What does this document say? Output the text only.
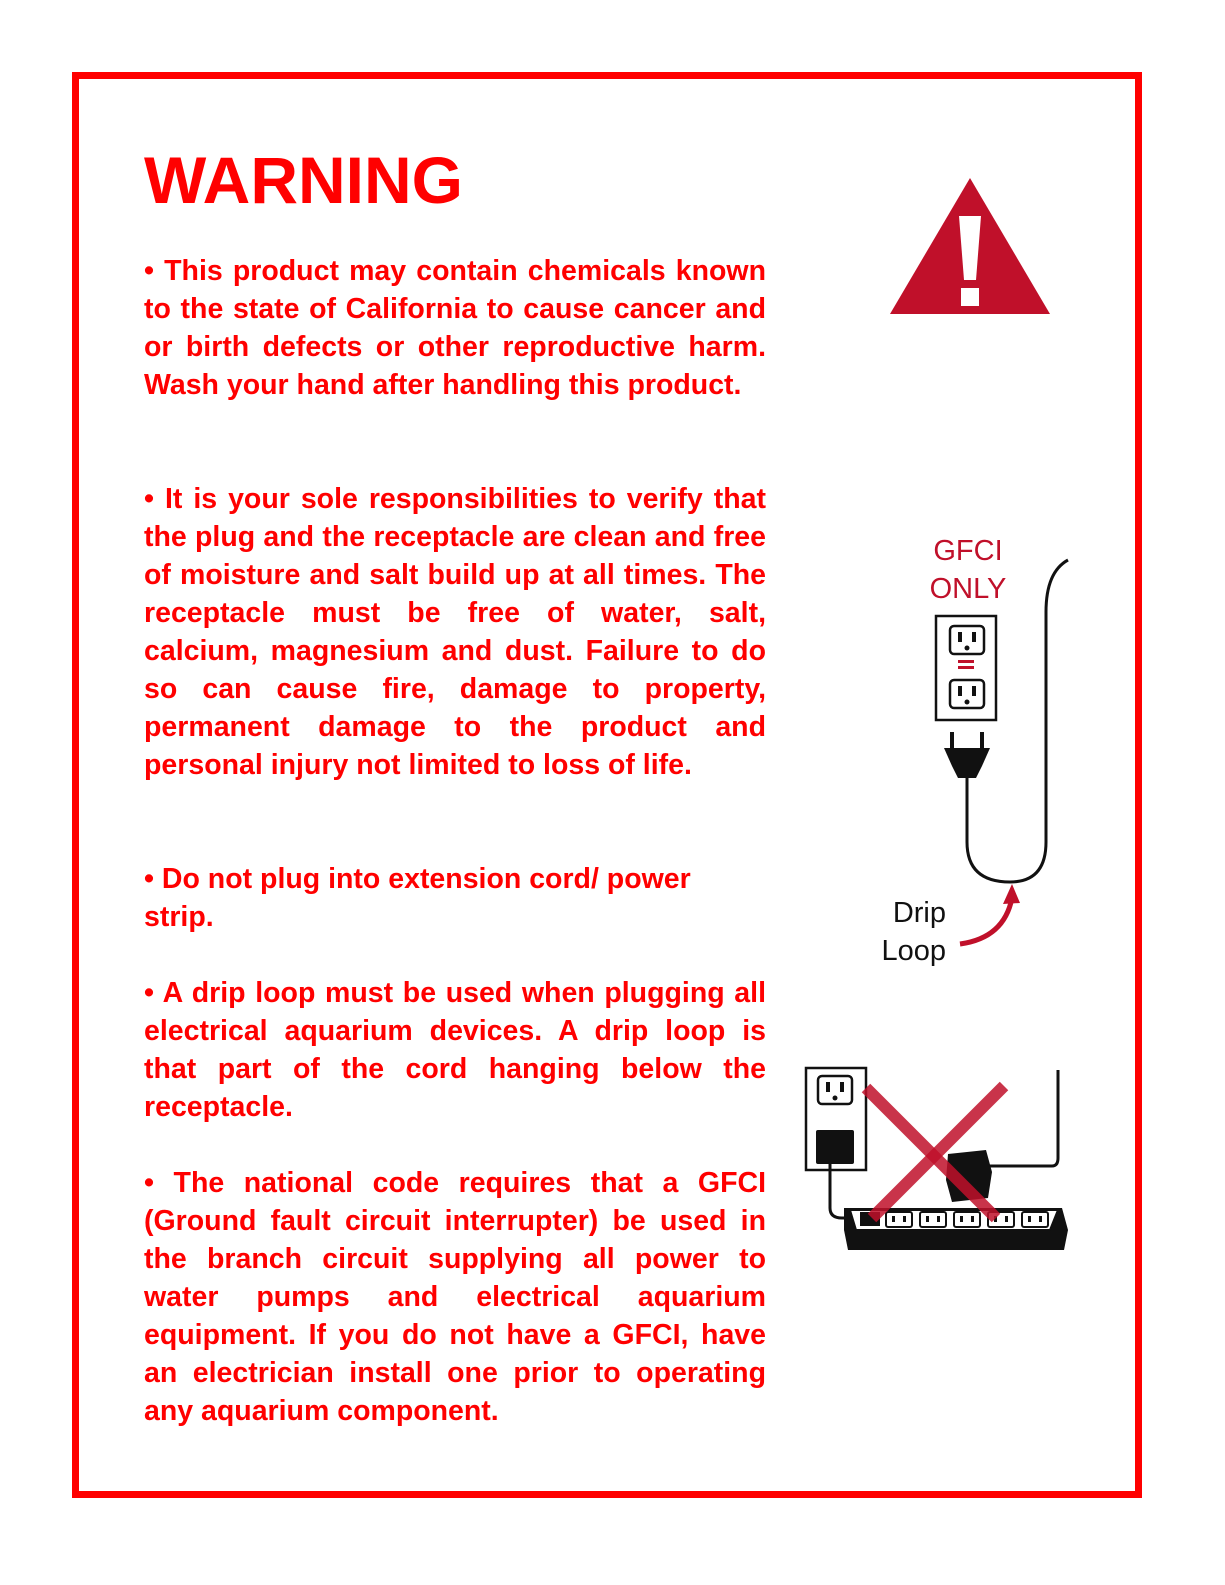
WARNING

• This product may contain chemicals known to the state of California to cause cancer and or birth defects or other reproductive harm. Wash your hand after handling this product.

• It is your sole responsibilities to verify that the plug and the receptacle are clean and free of moisture and salt build up at all times. The receptacle must be free of water, salt, calcium, magnesium and dust. Failure to do so can cause fire, damage to property, permanent damage to the product and personal injury not limited to loss of life.

• Do not plug into extension cord/ power strip.

• A drip loop must be used when plugging all electrical aquarium devices. A drip loop is that part of the cord hanging below the receptacle.

• The national code requires that a GFCI (Ground fault circuit interrupter) be used in the branch circuit supplying all power to water pumps and electrical aquarium equipment. If you do not have a GFCI, have an electrician install one prior to operating any aquarium component.

GFCI
ONLY
Drip
Loop
